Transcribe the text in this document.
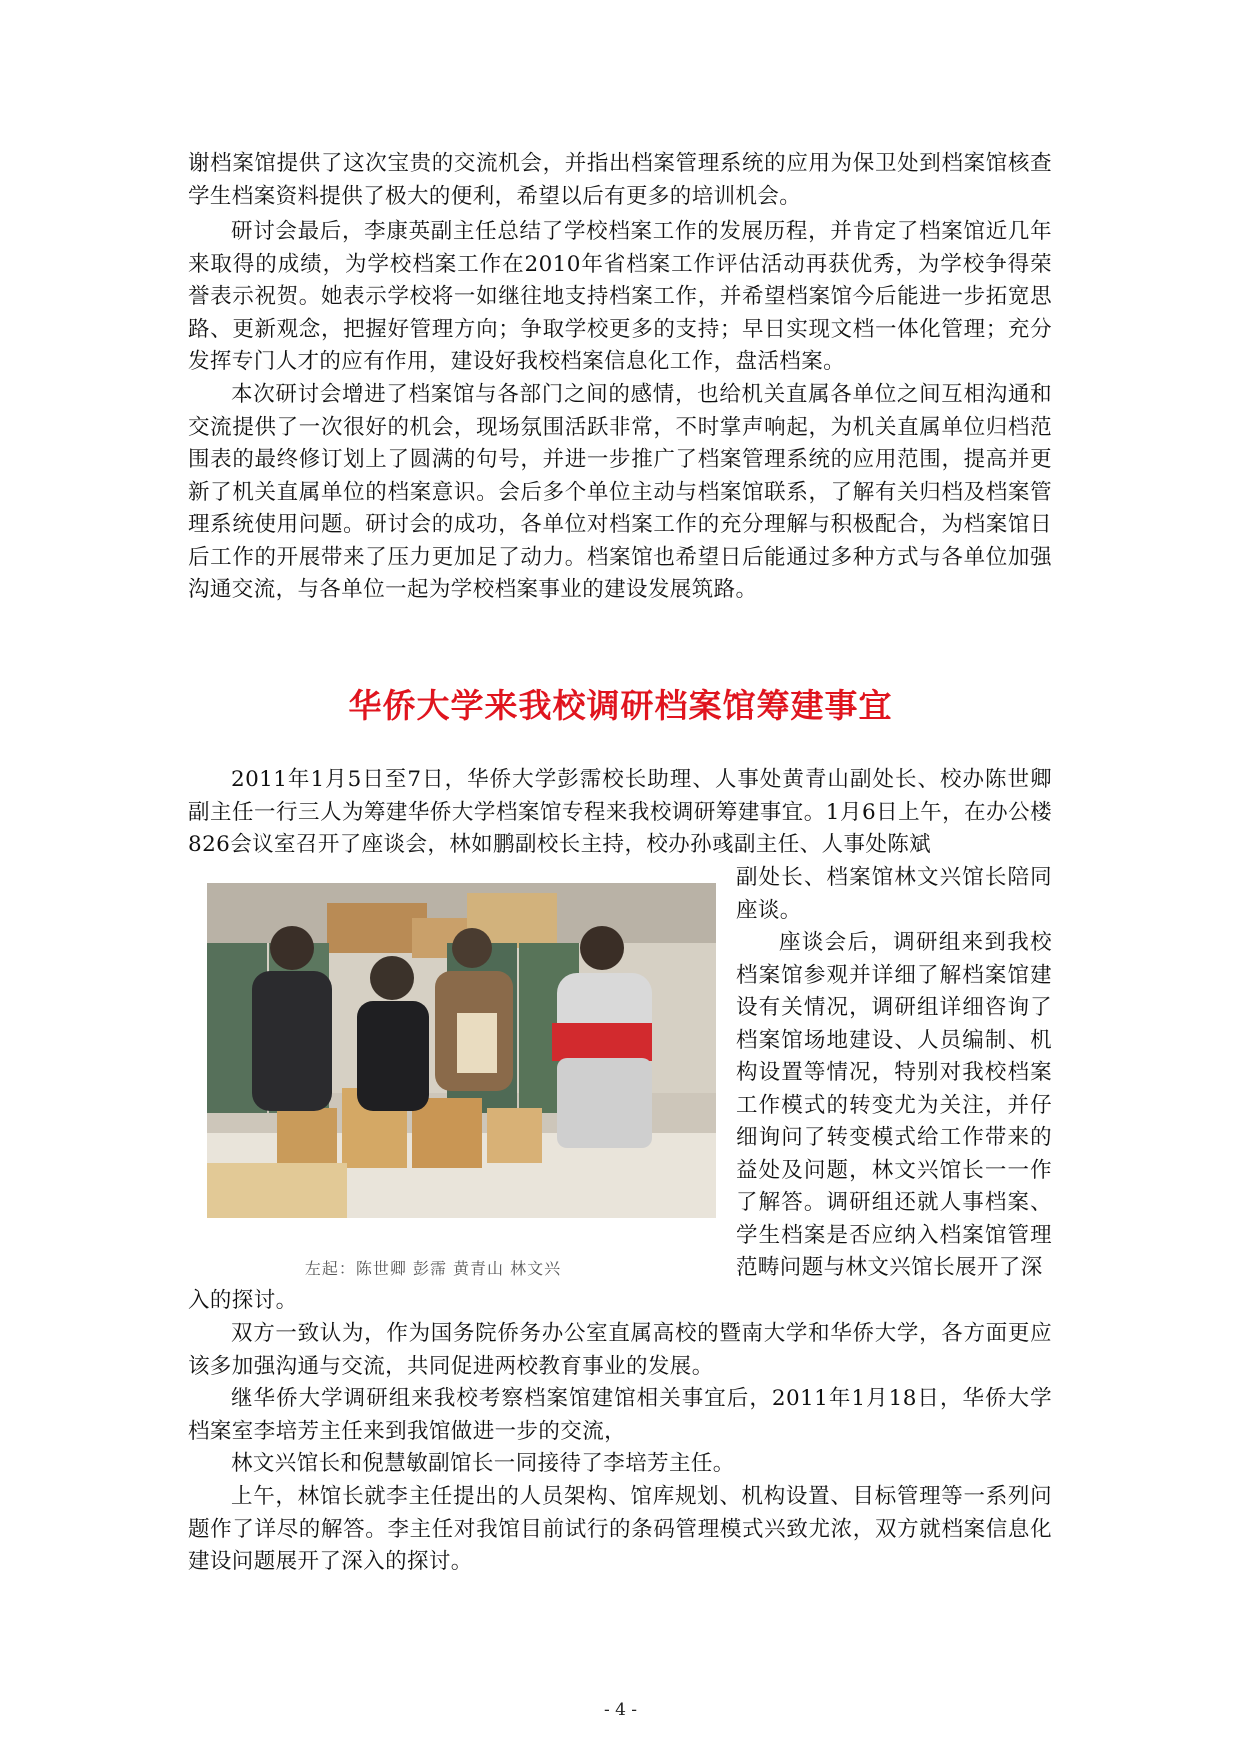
谢档案馆提供了这次宝贵的交流机会，并指出档案管理系统的应用为保卫处到档案馆核查学生档案资料提供了极大的便利，希望以后有更多的培训机会。

研讨会最后，李康英副主任总结了学校档案工作的发展历程，并肯定了档案馆近几年来取得的成绩，为学校档案工作在2010年省档案工作评估活动再获优秀，为学校争得荣誉表示祝贺。她表示学校将一如继往地支持档案工作，并希望档案馆今后能进一步拓宽思路、更新观念，把握好管理方向；争取学校更多的支持；早日实现文档一体化管理；充分发挥专门人才的应有作用，建设好我校档案信息化工作，盘活档案。

本次研讨会增进了档案馆与各部门之间的感情，也给机关直属各单位之间互相沟通和交流提供了一次很好的机会，现场氛围活跃非常，不时掌声响起，为机关直属单位归档范围表的最终修订划上了圆满的句号，并进一步推广了档案管理系统的应用范围，提高并更新了机关直属单位的档案意识。会后多个单位主动与档案馆联系，了解有关归档及档案管理系统使用问题。研讨会的成功，各单位对档案工作的充分理解与积极配合，为档案馆日后工作的开展带来了压力更加足了动力。档案馆也希望日后能通过多种方式与各单位加强沟通交流，与各单位一起为学校档案事业的建设发展筑路。

华侨大学来我校调研档案馆筹建事宜

2011年1月5日至7日，华侨大学彭霈校长助理、人事处黄青山副处长、校办陈世卿副主任一行三人为筹建华侨大学档案馆专程来我校调研筹建事宜。1月6日上午，在办公楼826会议室召开了座谈会，林如鹏副校长主持，校办孙彧副主任、人事处陈斌

副处长、档案馆林文兴馆长陪同座谈。

座谈会后，调研组来到我校档案馆参观并详细了解档案馆建设有关情况，调研组详细咨询了档案馆场地建设、人员编制、机构设置等情况，特别对我校档案工作模式的转变尤为关注，并仔细询问了转变模式给工作带来的益处及问题，林文兴馆长一一作了解答。调研组还就人事档案、学生档案是否应纳入档案馆管理范畴问题与林文兴馆长展开了深

左起：陈世卿 彭霈 黄青山 林文兴

入的探讨。

双方一致认为，作为国务院侨务办公室直属高校的暨南大学和华侨大学，各方面更应该多加强沟通与交流，共同促进两校教育事业的发展。

继华侨大学调研组来我校考察档案馆建馆相关事宜后，2011年1月18日，华侨大学档案室李培芳主任来到我馆做进一步的交流，

林文兴馆长和倪慧敏副馆长一同接待了李培芳主任。

上午，林馆长就李主任提出的人员架构、馆库规划、机构设置、目标管理等一系列问题作了详尽的解答。李主任对我馆目前试行的条码管理模式兴致尤浓，双方就档案信息化建设问题展开了深入的探讨。

- 4 -
